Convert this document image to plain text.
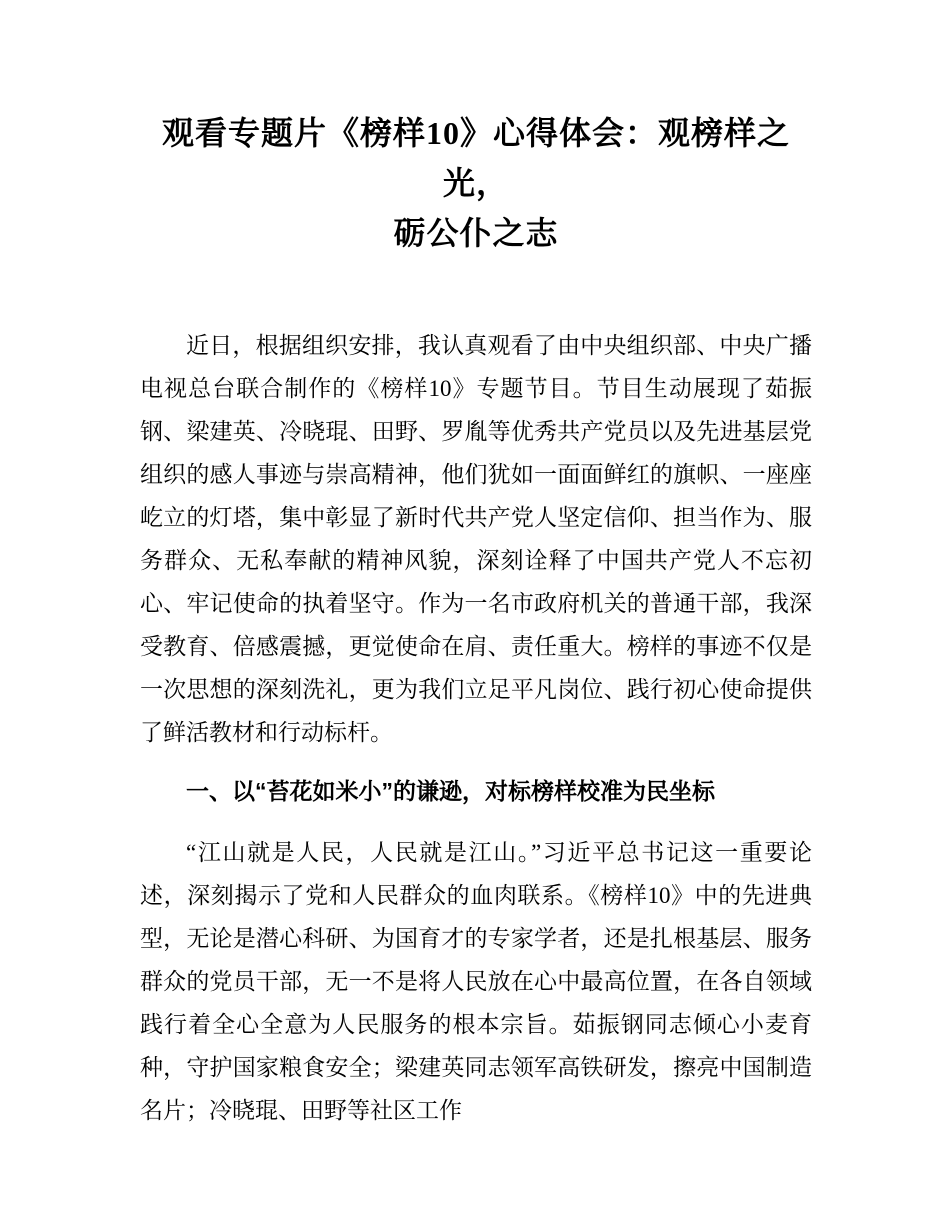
观看专题片《榜样10》心得体会：观榜样之光，
砺公仆之志

近日，根据组织安排，我认真观看了由中央组织部、中央广播电视总台联合制作的《榜样10》专题节目。节目生动展现了茹振钢、梁建英、冷晓琨、田野、罗胤等优秀共产党员以及先进基层党组织的感人事迹与崇高精神，他们犹如一面面鲜红的旗帜、一座座屹立的灯塔，集中彰显了新时代共产党人坚定信仰、担当作为、服务群众、无私奉献的精神风貌，深刻诠释了中国共产党人不忘初心、牢记使命的执着坚守。作为一名市政府机关的普通干部，我深受教育、倍感震撼，更觉使命在肩、责任重大。榜样的事迹不仅是一次思想的深刻洗礼，更为我们立足平凡岗位、践行初心使命提供了鲜活教材和行动标杆。

一、以“苔花如米小”的谦逊，对标榜样校准为民坐标

“江山就是人民，人民就是江山。”习近平总书记这一重要论述，深刻揭示了党和人民群众的血肉联系。《榜样10》中的先进典型，无论是潜心科研、为国育才的专家学者，还是扎根基层、服务群众的党员干部，无一不是将人民放在心中最高位置，在各自领域践行着全心全意为人民服务的根本宗旨。茹振钢同志倾心小麦育种，守护国家粮食安全；梁建英同志领军高铁研发，擦亮中国制造名片；冷晓琨、田野等社区工作
